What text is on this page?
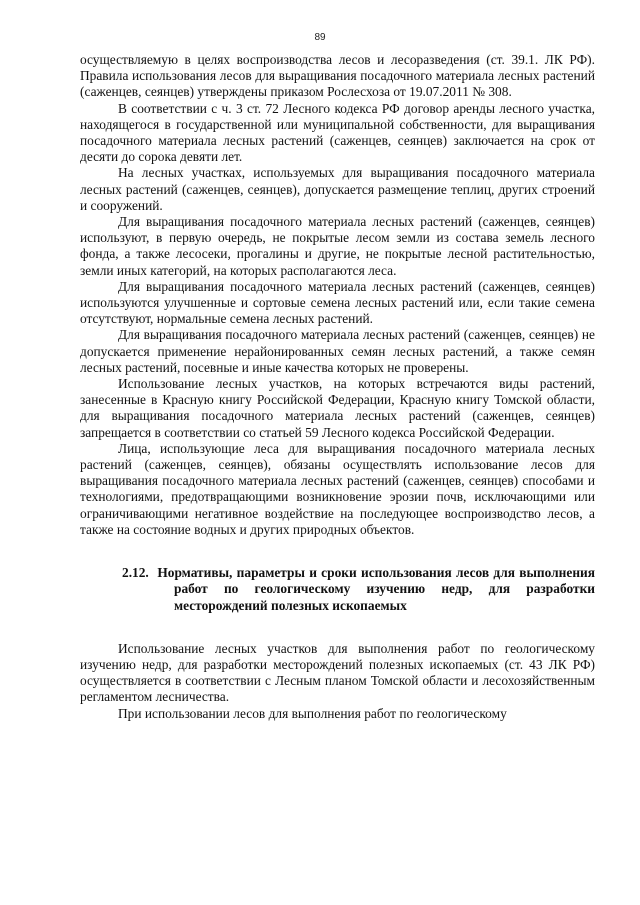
89

осуществляемую в целях воспроизводства лесов и лесоразведения (ст. 39.1. ЛК РФ). Правила использования лесов для выращивания посадочного материала лесных растений (саженцев, сеянцев) утверждены приказом Рослесхоза от 19.07.2011 № 308.

В соответствии с ч. 3 ст. 72 Лесного кодекса РФ договор аренды лесного участка, находящегося в государственной или муниципальной собственности, для выращивания посадочного материала лесных растений (саженцев, сеянцев) заключается на срок от десяти до сорока девяти лет.

На лесных участках, используемых для выращивания посадочного материала лесных растений (саженцев, сеянцев), допускается размещение теплиц, других строений и сооружений.

Для выращивания посадочного материала лесных растений (саженцев, сеянцев) используют, в первую очередь, не покрытые лесом земли из состава земель лесного фонда, а также лесосеки, прогалины и другие, не покрытые лесной растительностью, земли иных категорий, на которых располагаются леса.

Для выращивания посадочного материала лесных растений (саженцев, сеянцев) используются улучшенные и сортовые семена лесных растений или, если такие семена отсутствуют, нормальные семена лесных растений.

Для выращивания посадочного материала лесных растений (саженцев, сеянцев) не допускается применение нерайонированных семян лесных растений, а также семян лесных растений, посевные и иные качества которых не проверены.

Использование лесных участков, на которых встречаются виды растений, занесенные в Красную книгу Российской Федерации, Красную книгу Томской области, для выращивания посадочного материала лесных растений (саженцев, сеянцев) запрещается в соответствии со статьей 59 Лесного кодекса Российской Федерации.

Лица, использующие леса для выращивания посадочного материала лесных растений (саженцев, сеянцев), обязаны осуществлять использование лесов для выращивания посадочного материала лесных растений (саженцев, сеянцев) способами и технологиями, предотвращающими возникновение эрозии почв, исключающими или ограничивающими негативное воздействие на последующее воспроизводство лесов, а также на состояние водных и других природных объектов.

2.12.  Нормативы, параметры и сроки использования лесов для выполнения работ по геологическому изучению недр, для разработки месторождений полезных ископаемых

Использование лесных участков для выполнения работ по геологическому изучению недр, для разработки месторождений полезных ископаемых (ст. 43 ЛК РФ) осуществляется в соответствии с Лесным планом Томской области и лесохозяйственным регламентом лесничества.

При использовании лесов для выполнения работ по геологическому
